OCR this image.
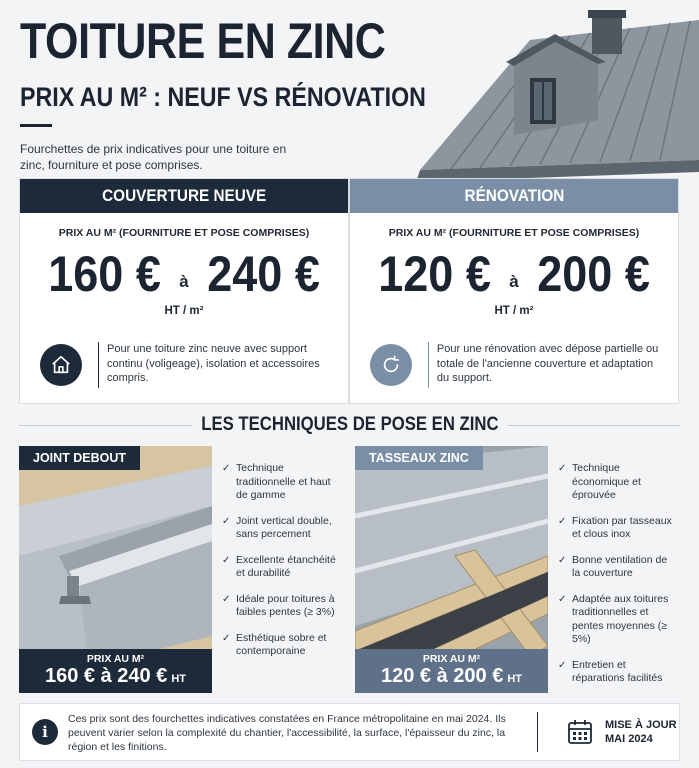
TOITURE EN ZINC
PRIX AU M² : NEUF VS RÉNOVATION
Fourchettes de prix indicatives pour une toiture en zinc, fourniture et pose comprises.
COUVERTURE NEUVE
PRIX AU M² (FOURNITURE ET POSE COMPRISES)
160 € à 240 €
HT / m²

Pour une toiture zinc neuve avec support continu (voligeage), isolation et accessoires compris.

RÉNOVATION
PRIX AU M² (FOURNITURE ET POSE COMPRISES)
120 € à 200 €
HT / m²

Pour une rénovation avec dépose partielle ou totale de l'ancienne couverture et adaptation du support.

LES TECHNIQUES DE POSE EN ZINC
JOINT DEBOUT
PRIX AU M²
160 € à 240 € HT
✓ Technique traditionnelle et haut de gamme
✓ Joint vertical double, sans percement
✓ Excellente étanchéité et durabilité
✓ Idéale pour toitures à faibles pentes (≥ 3%)
✓ Esthétique sobre et contemporaine
TASSEAUX ZINC
PRIX AU M²
120 € à 200 € HT
✓ Technique économique et éprouvée
✓ Fixation par tasseaux et clous inox
✓ Bonne ventilation de la couverture
✓ Adaptée aux toitures traditionnelles et pentes moyennes (≥ 5%)
✓ Entretien et réparations facilités
i
Ces prix sont des fourchettes indicatives constatées en France métropolitaine en mai 2024. Ils peuvent varier selon la complexité du chantier, l'accessibilité, la surface, l'épaisseur du zinc, la région et les finitions.
MISE À JOUR
MAI 2024
